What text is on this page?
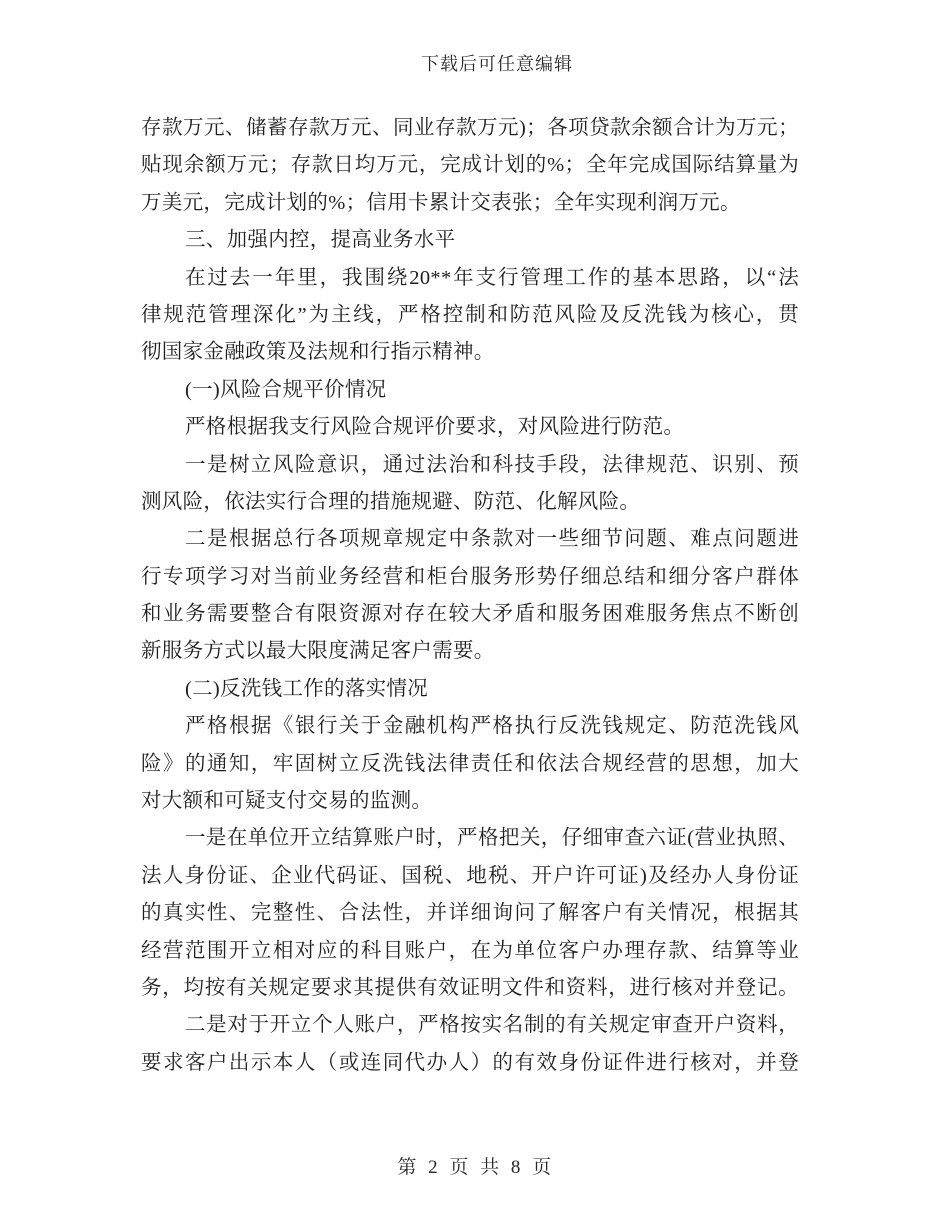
下载后可任意编辑
存款万元、储蓄存款万元、同业存款万元)；各项贷款余额合计为万元；
贴现余额万元；存款日均万元，完成计划的%；全年完成国际结算量为
万美元，完成计划的%；信用卡累计交表张；全年实现利润万元。
三、加强内控，提高业务水平
在过去一年里，我围绕20**年支行管理工作的基本思路，以“法
律规范管理深化”为主线，严格控制和防范风险及反洗钱为核心，贯
彻国家金融政策及法规和行指示精神。
(一)风险合规平价情况
严格根据我支行风险合规评价要求，对风险进行防范。
一是树立风险意识，通过法治和科技手段，法律规范、识别、预
测风险，依法实行合理的措施规避、防范、化解风险。
二是根据总行各项规章规定中条款对一些细节问题、难点问题进
行专项学习对当前业务经营和柜台服务形势仔细总结和细分客户群体
和业务需要整合有限资源对存在较大矛盾和服务困难服务焦点不断创
新服务方式以最大限度满足客户需要。
(二)反洗钱工作的落实情况
严格根据《银行关于金融机构严格执行反洗钱规定、防范洗钱风
险》的通知，牢固树立反洗钱法律责任和依法合规经营的思想，加大
对大额和可疑支付交易的监测。
一是在单位开立结算账户时，严格把关，仔细审查六证(营业执照、
法人身份证、企业代码证、国税、地税、开户许可证)及经办人身份证
的真实性、完整性、合法性，并详细询问了解客户有关情况，根据其
经营范围开立相对应的科目账户，在为单位客户办理存款、结算等业
务，均按有关规定要求其提供有效证明文件和资料，进行核对并登记。
二是对于开立个人账户，严格按实名制的有关规定审查开户资料，
要求客户出示本人（或连同代办人）的有效身份证件进行核对，并登
第 2 页 共 8 页
